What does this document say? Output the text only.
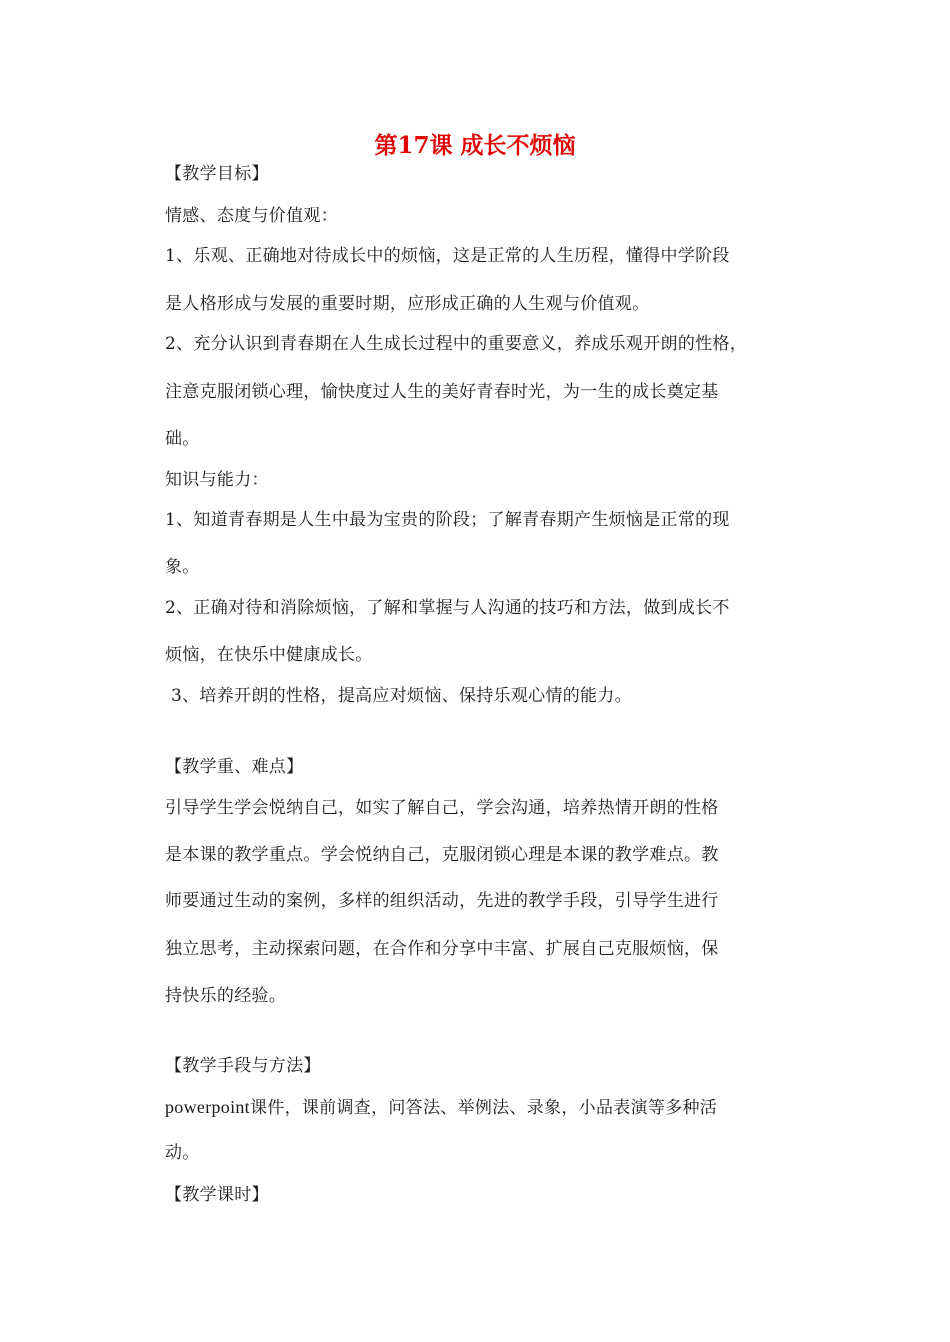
第17课 成长不烦恼
【教学目标】
情感、态度与价值观：
1、乐观、正确地对待成长中的烦恼，这是正常的人生历程，懂得中学阶段
是人格形成与发展的重要时期，应形成正确的人生观与价值观。
2、充分认识到青春期在人生成长过程中的重要意义，养成乐观开朗的性格，
注意克服闭锁心理，愉快度过人生的美好青春时光，为一生的成长奠定基
础。
知识与能力：
1、知道青春期是人生中最为宝贵的阶段；了解青春期产生烦恼是正常的现
象。
2、正确对待和消除烦恼，了解和掌握与人沟通的技巧和方法，做到成长不
烦恼，在快乐中健康成长。
3、培养开朗的性格，提高应对烦恼、保持乐观心情的能力。
【教学重、难点】
引导学生学会悦纳自己，如实了解自己，学会沟通，培养热情开朗的性格
是本课的教学重点。学会悦纳自己，克服闭锁心理是本课的教学难点。教
师要通过生动的案例，多样的组织活动，先进的教学手段，引导学生进行
独立思考，主动探索问题，在合作和分享中丰富、扩展自己克服烦恼，保
持快乐的经验。
【教学手段与方法】
powerpoint课件，课前调查，问答法、举例法、录象，小品表演等多种活
动。
【教学课时】
